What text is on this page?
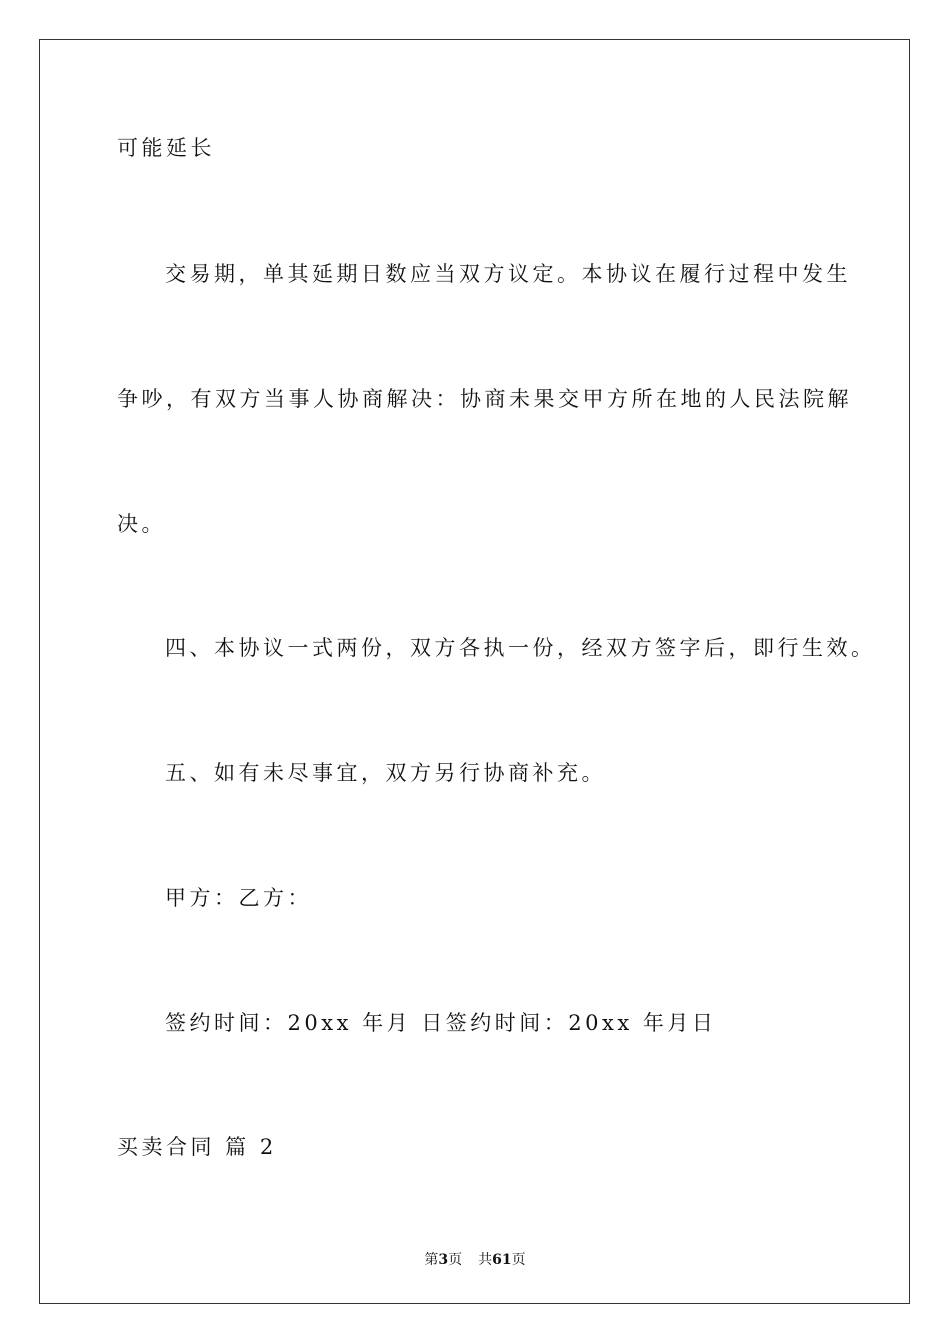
可能延长
交易期，单其延期日数应当双方议定。本协议在履行过程中发生
争吵，有双方当事人协商解决：协商未果交甲方所在地的人民法院解
决。
四、本协议一式两份，双方各执一份，经双方签字后，即行生效。
五、如有未尽事宜，双方另行协商补充。
甲方：乙方：
签约时间：20xx 年月 日签约时间：20xx 年月日
买卖合同 篇 2
第3页 共61页
